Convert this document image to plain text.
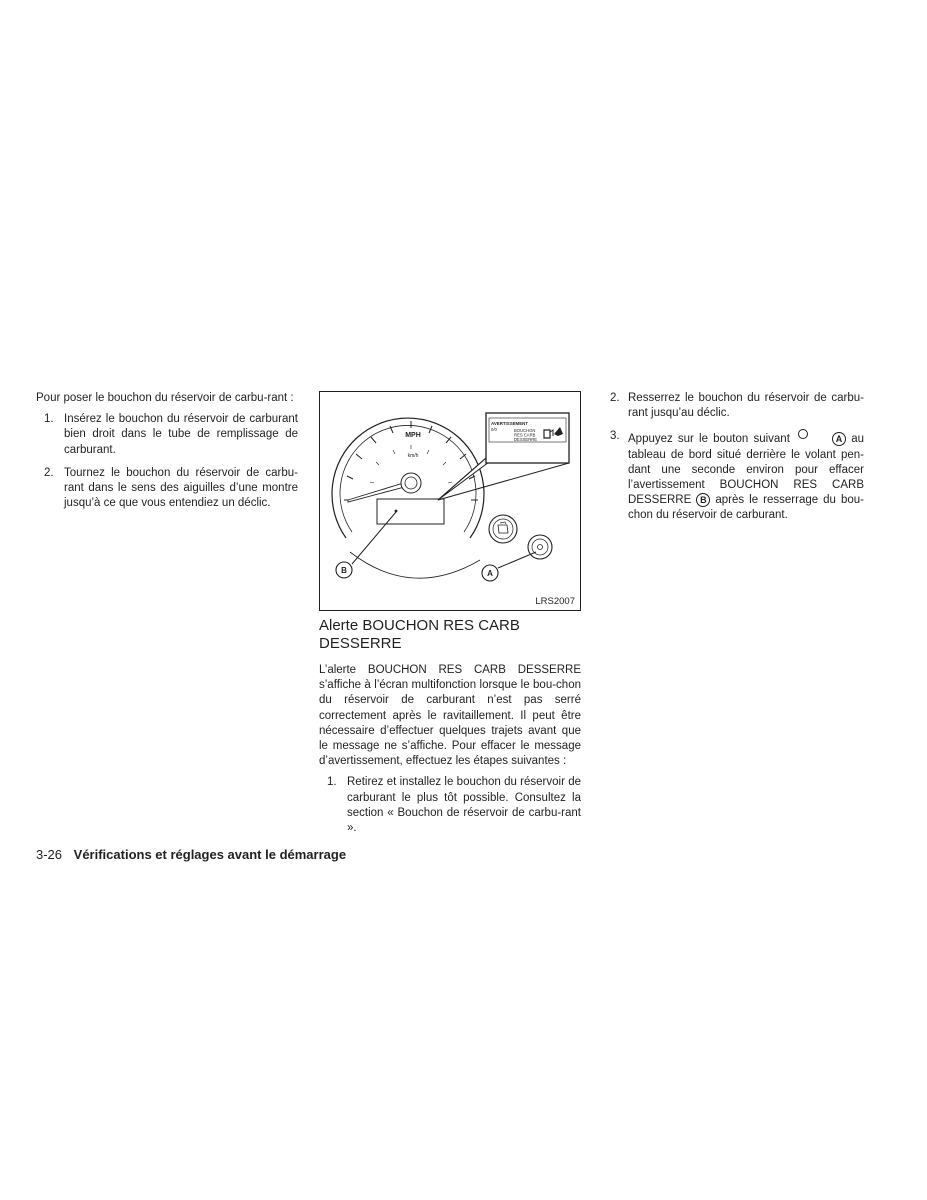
Pour poser le bouchon du réservoir de carbu-rant :

1. Insérez le bouchon du réservoir de carburant bien droit dans le tube de remplissage de carburant.
2. Tournez le bouchon du réservoir de carbu-rant dans le sens des aiguilles d’une montre jusqu’à ce que vous entendiez un déclic.
MPH
km/h
AVERTISSEMENT
0/0	BOUCHON
RES CARB
DESSERRE
B	A
LRS2007
Alerte BOUCHON RES CARB DESSERRE

L’alerte BOUCHON RES CARB DESSERRE s’affiche à l’écran multifonction lorsque le bou-chon du réservoir de carburant n’est pas serré correctement après le ravitaillement. Il peut être nécessaire d’effectuer quelques trajets avant que le message ne s’affiche. Pour effacer le message d’avertissement, effectuez les étapes suivantes :

1. Retirez et installez le bouchon du réservoir de carburant le plus tôt possible. Consultez la section « Bouchon de réservoir de carbu-rant ».
2. Resserrez le bouchon du réservoir de carbu-rant jusqu’au déclic.
3. Appuyez sur le bouton suivant	A au tableau de bord situé derrière le volant pen-dant une seconde environ pour effacer l’avertissement BOUCHON RES CARB DESSERRE B après le resserrage du bou-chon du réservoir de carburant.
3-26 Vérifications et réglages avant le démarrage
